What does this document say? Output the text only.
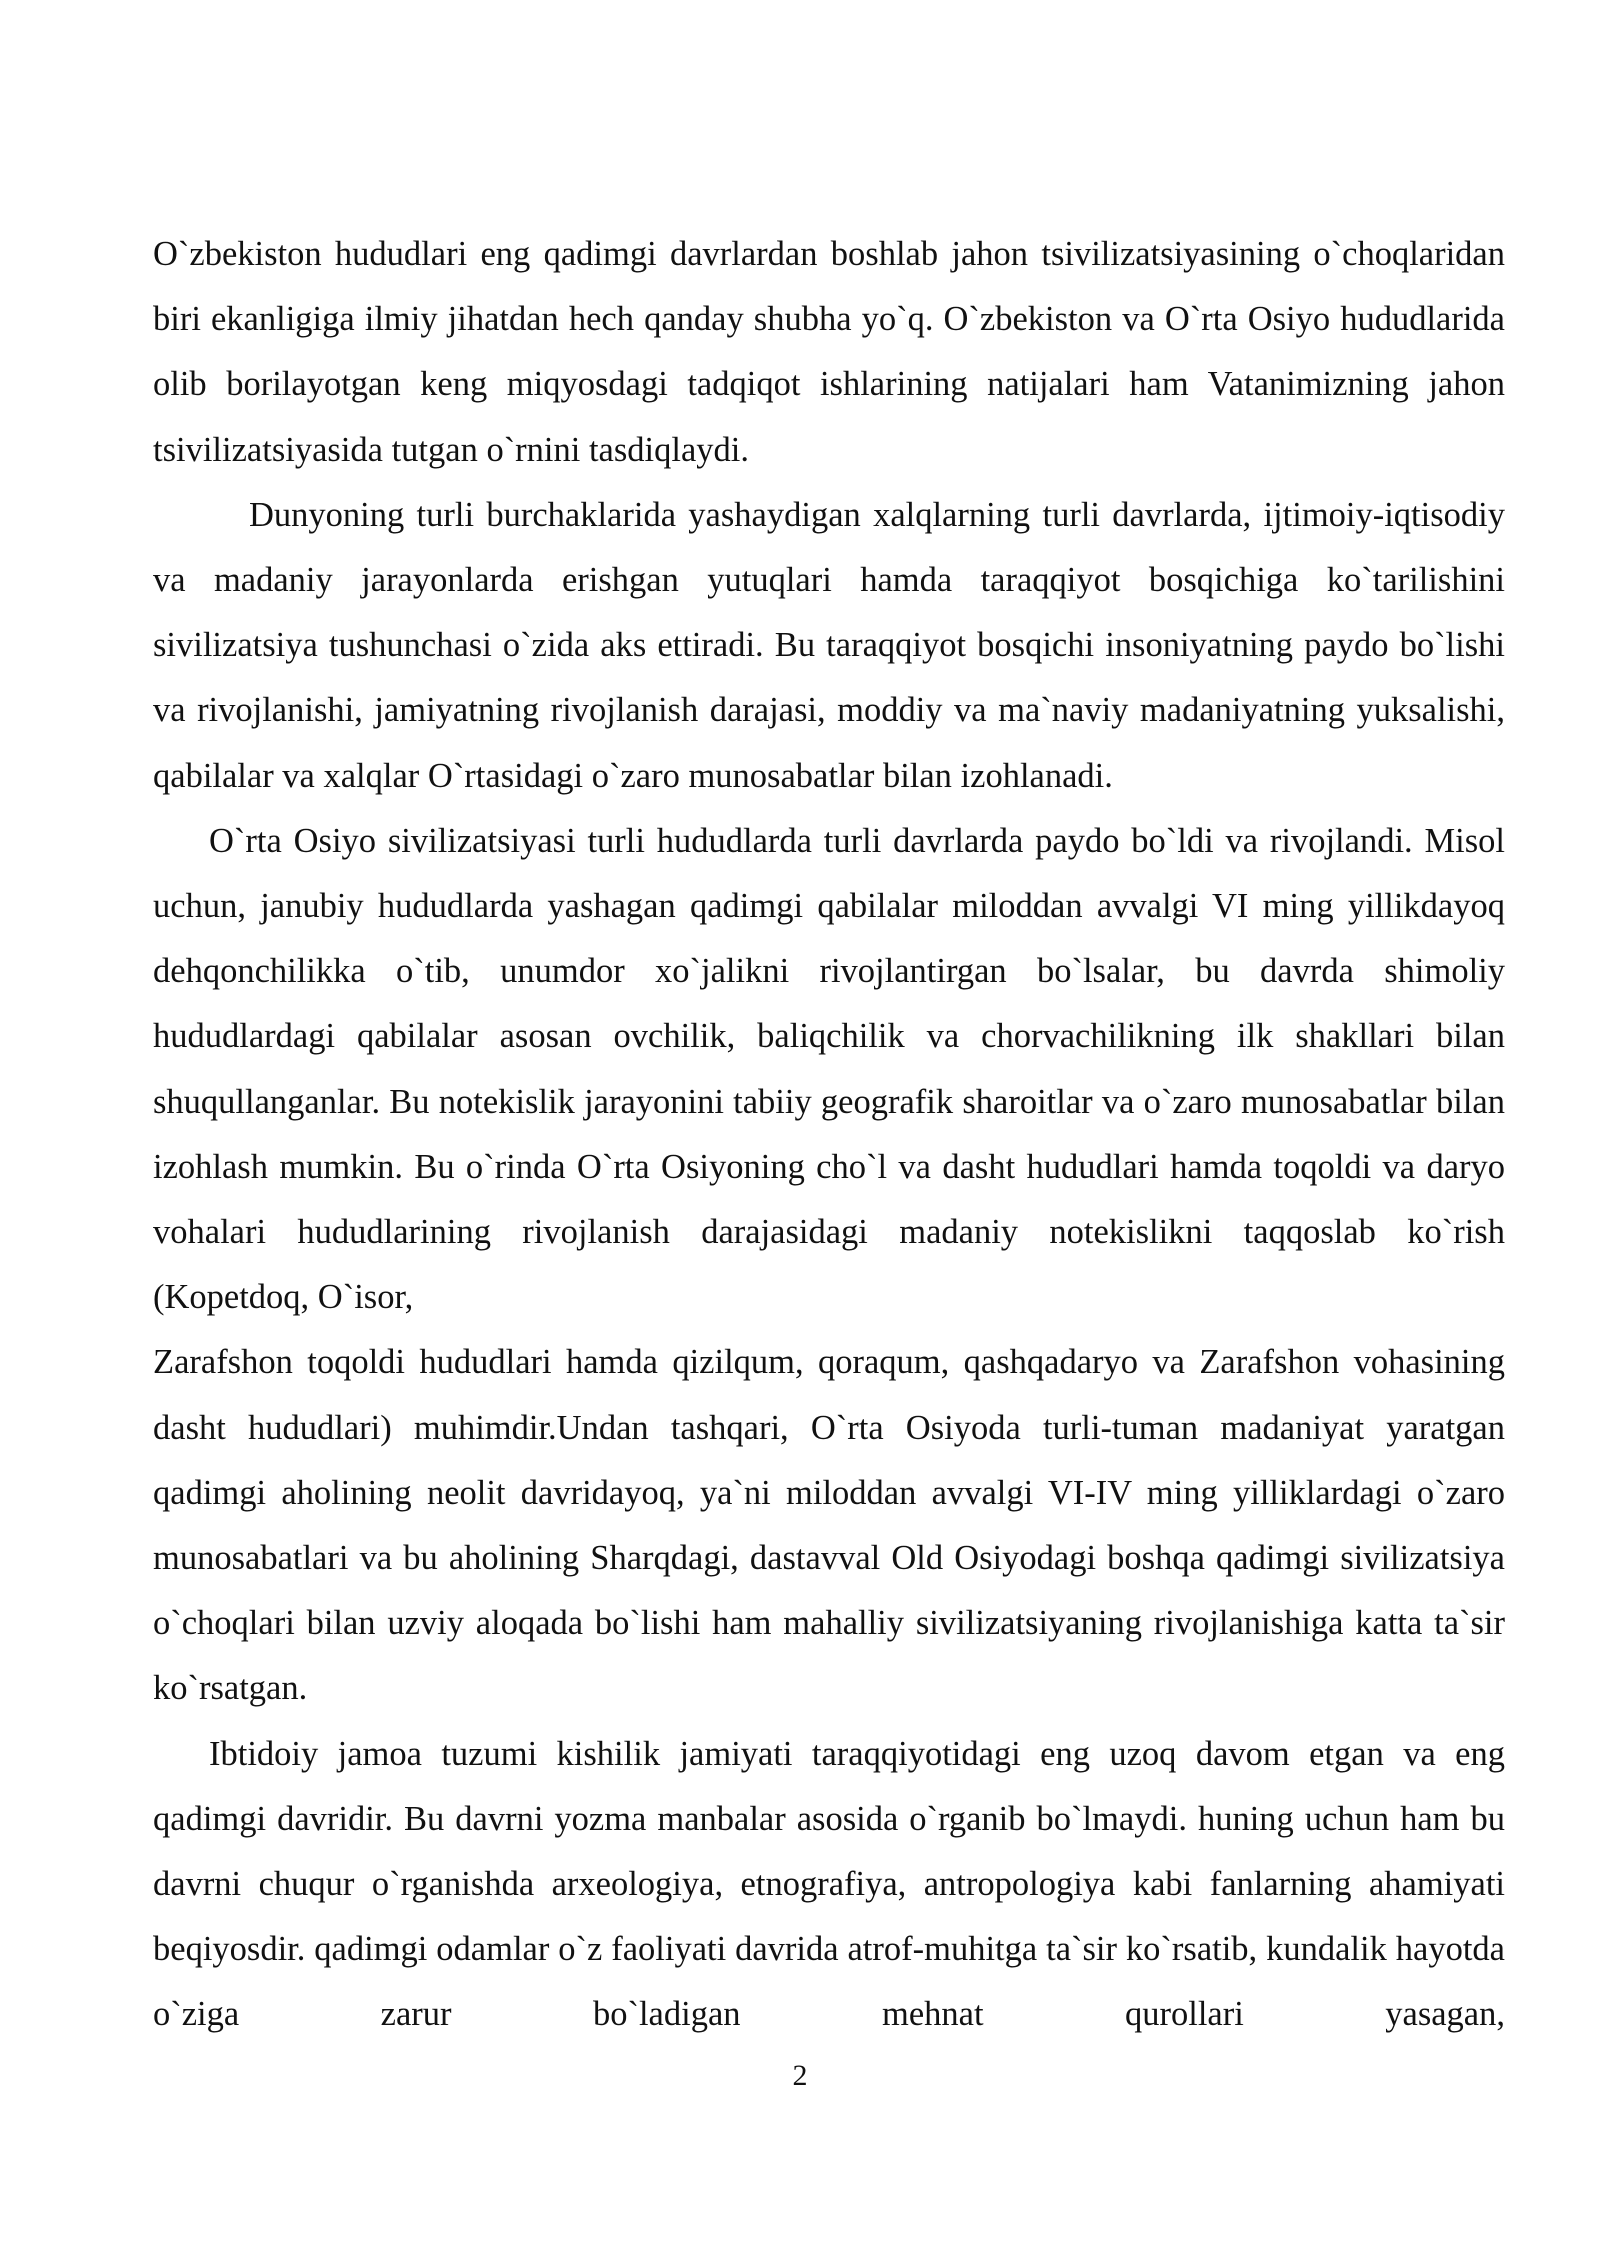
O`zbekiston hududlari eng qadimgi davrlardan boshlab jahon tsivilizatsiyasining o`choqlaridan biri ekanligiga ilmiy jihatdan hech qanday shubha yo`q. O`zbekiston va O`rta Osiyo hududlarida olib borilayotgan keng miqyosdagi tadqiqot ishlarining natijalari ham Vatanimizning jahon tsivilizatsiyasida tutgan o`rnini tasdiqlaydi.

Dunyoning turli burchaklarida yashaydigan xalqlarning turli davrlarda, ijtimoiy-iqtisodiy va madaniy jarayonlarda erishgan yutuqlari hamda taraqqiyot bosqichiga ko`tarilishini sivilizatsiya tushunchasi o`zida aks ettiradi. Bu taraqqiyot bosqichi insoniyatning paydo bo`lishi va rivojlanishi, jamiyatning rivojlanish darajasi, moddiy va ma`naviy madaniyatning yuksalishi, qabilalar va xalqlar O`rtasidagi o`zaro munosabatlar bilan izohlanadi.

O`rta Osiyo sivilizatsiyasi turli hududlarda turli davrlarda paydo bo`ldi va rivojlandi. Misol uchun, janubiy hududlarda yashagan qadimgi qabilalar miloddan avvalgi VI ming yillikdayoq dehqonchilikka o`tib, unumdor xo`jalikni rivojlantirgan bo`lsalar, bu davrda shimoliy hududlardagi qabilalar asosan ovchilik, baliqchilik va chorvachilikning ilk shakllari bilan shuqullanganlar. Bu notekislik jarayonini tabiiy geografik sharoitlar va o`zaro munosabatlar bilan izohlash mumkin. Bu o`rinda O`rta Osiyoning cho`l va dasht hududlari hamda toqoldi va daryo vohalari hududlarining rivojlanish darajasidagi madaniy notekislikni taqqoslab ko`rish (Kopetdoq, O`isor,

Zarafshon toqoldi hududlari hamda qizilqum, qoraqum, qashqadaryo va Zarafshon vohasining dasht hududlari) muhimdir.Undan tashqari, O`rta Osiyoda turli-tuman madaniyat yaratgan qadimgi aholining neolit davridayoq, ya`ni miloddan avvalgi VI-IV ming yilliklardagi o`zaro munosabatlari va bu aholining Sharqdagi, dastavval Old Osiyodagi boshqa qadimgi sivilizatsiya o`choqlari bilan uzviy aloqada bo`lishi ham mahalliy sivilizatsiyaning rivojlanishiga katta ta`sir ko`rsatgan.

Ibtidoiy jamoa tuzumi kishilik jamiyati taraqqiyotidagi eng uzoq davom etgan va eng qadimgi davridir. Bu davrni yozma manbalar asosida o`rganib bo`lmaydi. huning uchun ham bu davrni chuqur o`rganishda arxeologiya, etnografiya, antropologiya kabi fanlarning ahamiyati beqiyosdir. qadimgi odamlar o`z faoliyati davrida atrof-muhitga ta`sir ko`rsatib, kundalik hayotda o`ziga zarur bo`ladigan mehnat qurollari yasagan,

2
